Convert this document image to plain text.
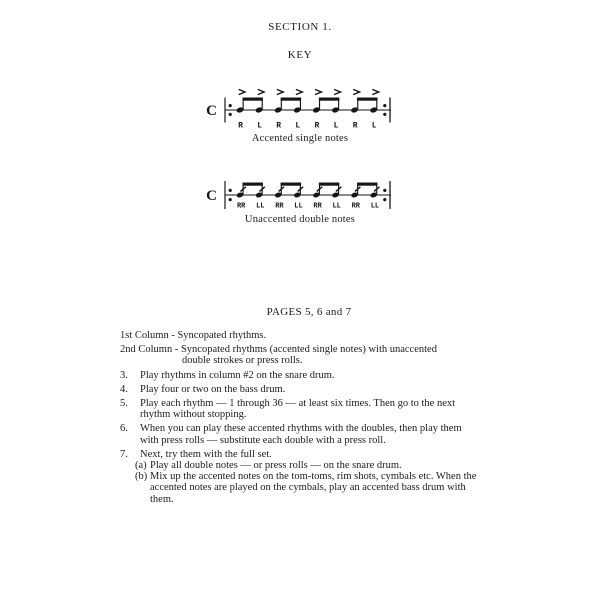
SECTION 1.
KEY
C
R L R L R L R L
Accented single notes
C
RR LL RR LL RR LL RR LL
Unaccented double notes
PAGES 5, 6 and 7
1st Column - Syncopated rhythms.
2nd Column - Syncopated rhythms (accented single notes) with unaccented
double strokes or press rolls.
3.	Play rhythms in column #2 on the snare drum.
4.	Play four or two on the bass drum.
5.	Play each rhythm — 1 through 36 — at least six times. Then go to the next
rhythm without stopping.
6.	When you can play these accented rhythms with the doubles, then play them
with press rolls — substitute each double with a press roll.
7.	Next, try them with the full set.
(a) Play all double notes — or press rolls — on the snare drum.
(b) Mix up the accented notes on the tom-toms, rim shots, cymbals etc. When the
accented notes are played on the cymbals, play an accented bass drum with
them.
